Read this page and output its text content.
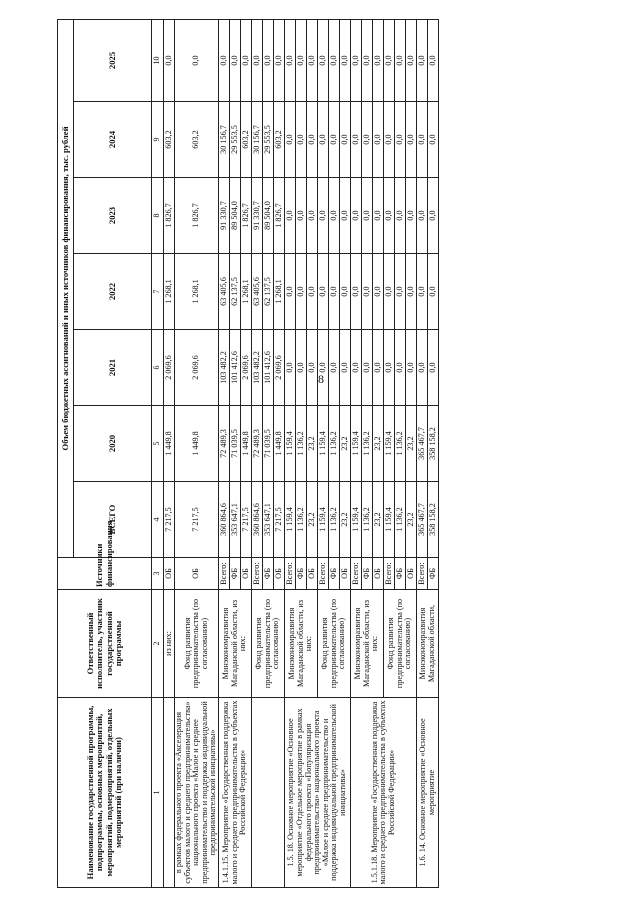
8
Наименование государственной программы, подпрограммы, основных мероприятий, мероприятий, подмероприятий, отдельных мероприятий (при наличии)	Ответственный исполнитель, участник государственной программы	Источники финансирования	Объем бюджетных ассигнований и иных источников финансирования, тыс. рублей						
			ВСЕГО	2020	2021	2022	2023	2024	2025
1	2	3	4	5	6	7	8	9	10
	из них:	ОБ	7 217,5	1 449,8	2 069,6	1 268,1	1 826,7	603,2	0,0
в рамках федерального проекта «Акселерация субъектов малого и среднего предпринимательства» национального проекта «Малое и среднее предпринимательство и поддержка индивидуальной предпринимательской инициативы»	Фонд развития предпринимательства (по согласованию)	ОБ	7 217,5	1 449,8	2 069,6	1 268,1	1 826,7	603,2	0,0
1.4.1.15. Мероприятие «Государственная поддержка малого и среднего предпринимательства в субъектах Российской Федерации»	Минэкономразвития Магаданской области, из них:	Всего:	360 864,6	72 489,3	103 482,2	63 405,6	91 330,7	30 156,7	0,0
		ФБ	353 647,1	71 039,5	101 412,6	62 137,5	89 504,0	29 553,5	0,0
		ОБ	7 217,5	1 449,8	2 069,6	1 268,1	1 826,7	603,2	0,0
	Фонд развития предпринимательства (по согласованию)	Всего:	360 864,6	72 489,3	103 482,2	63 405,6	91 330,7	30 156,7	0,0
		ФБ	353 647,1	71 039,5	101 412,6	62 137,5	89 504,0	29 553,5	0,0
		ОБ	7 217,5	1 449,8	2 069,6	1 268,1	1 826,7	603,2	0,0
1.5. 18. Основное мероприятие «Основное мероприятие «Отдельное мероприятие в рамках федерального проекта «Популяризация предпринимательства» национального проекта «Малое и среднее предпринимательство и поддержка индивидуальной предпринимательской инициативы»	Минэкономразвития Магаданской области, из них:	Всего:	1 159,4	1 159,4	0,0	0,0	0,0	0,0	0,0
		ФБ	1 136,2	1 136,2	0,0	0,0	0,0	0,0	0,0
		ОБ	23,2	23,2	0,0	0,0	0,0	0,0	0,0
	Фонд развития предпринимательства (по согласованию)	Всего:	1 159,4	1 159,4	0,0	0,0	0,0	0,0	0,0
		ФБ	1 136,2	1 136,2	0,0	0,0	0,0	0,0	0,0
		ОБ	23,2	23,2	0,0	0,0	0,0	0,0	0,0
1.5.1.18. Мероприятие «Государственная поддержка малого и среднего предпринимательства в субъектах Российской Федерации»	Минэкономразвития Магаданской области, из них:	Всего:	1 159,4	1 159,4	0,0	0,0	0,0	0,0	0,0
		ФБ	1 136,2	1 136,2	0,0	0,0	0,0	0,0	0,0
		ОБ	23,2	23,2	0,0	0,0	0,0	0,0	0,0
	Фонд развития предпринимательства (по согласованию)	Всего:	1 159,4	1 159,4	0,0	0,0	0,0	0,0	0,0
		ФБ	1 136,2	1 136,2	0,0	0,0	0,0	0,0	0,0
		ОБ	23,2	23,2	0,0	0,0	0,0	0,0	0,0
1.6. 14. Основное мероприятие «Основное мероприятие	Минэкономразвития Магаданской области,	Всего:	365 467,7	365 467,7	0,0	0,0	0,0	0,0	0,0
		ФБ	358 158,2	358 158,2	0,0	0,0	0,0	0,0	0,0
